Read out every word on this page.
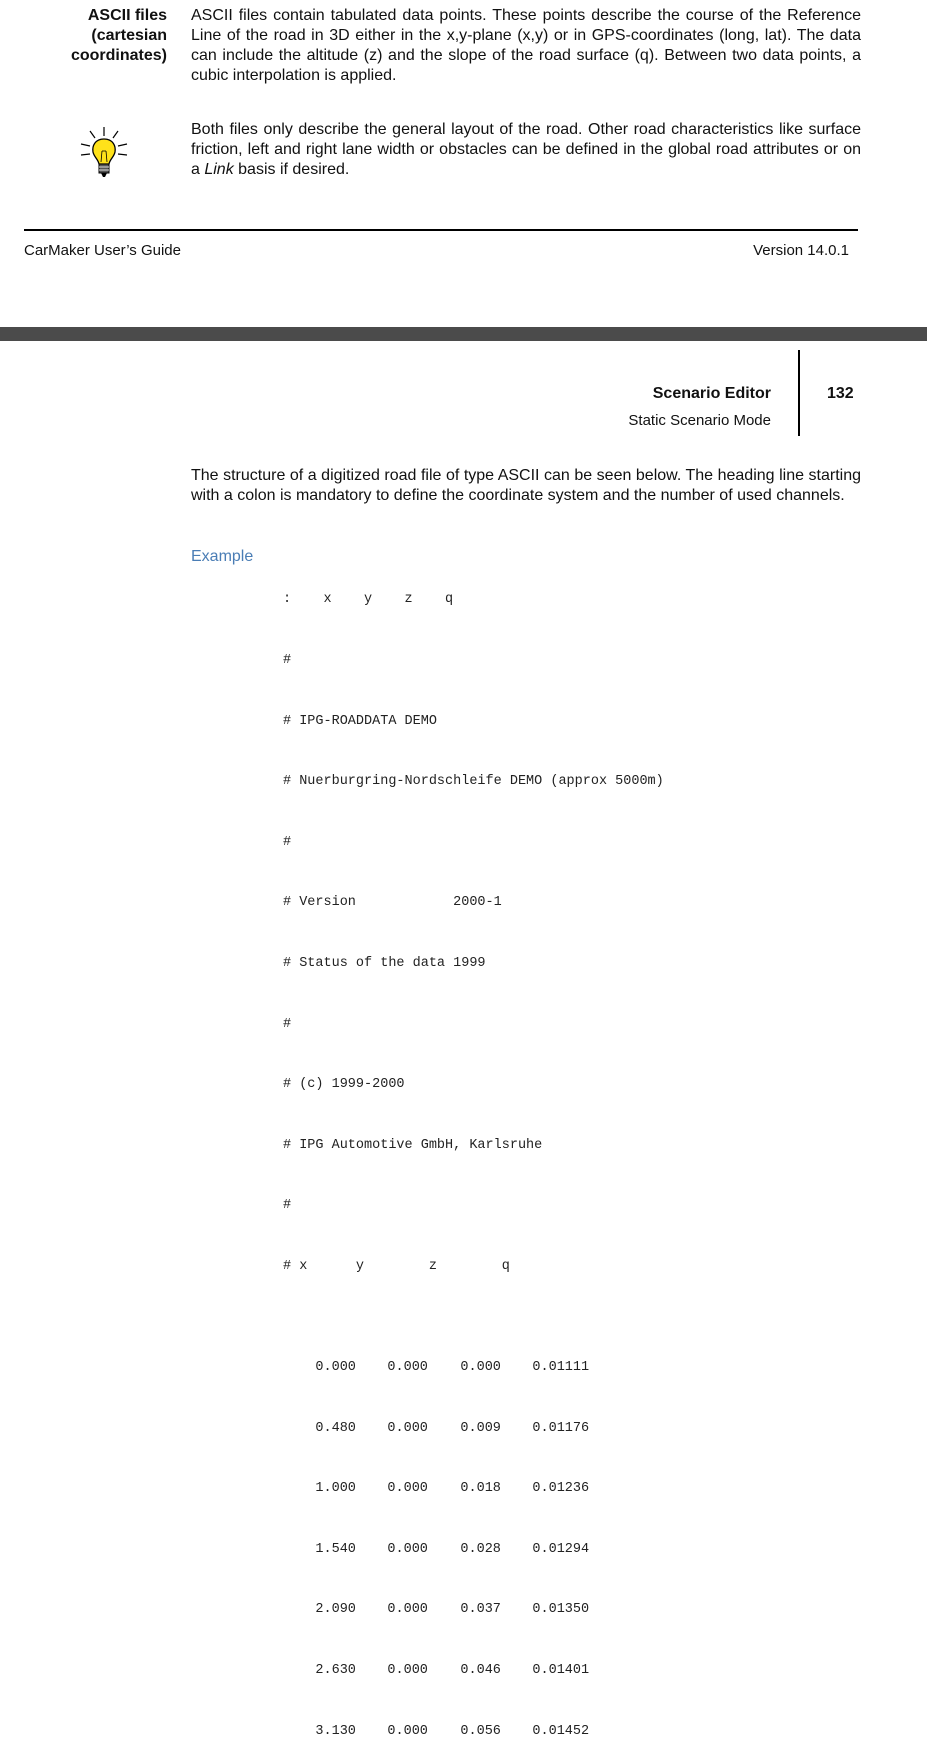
ASCII files
(cartesian
coordinates)
ASCII files contain tabulated data points. These points describe the course of the Reference Line of the road in 3D either in the x,y-plane (x,y) or in GPS-coordinates (long, lat). The data can include the altitude (z) and the slope of the road surface (q). Between two data points, a cubic interpolation is applied.
Both files only describe the general layout of the road. Other road characteristics like surface friction, left and right lane width or obstacles can be defined in the global road attributes or on a Link basis if desired.
CarMaker User’s Guide	Version 14.0.1
Scenario Editor
Static Scenario Mode
132
The structure of a digitized road file of type ASCII can be seen below. The heading line starting with a colon is mandatory to define the coordinate system and the number of used channels.
Example

:    x    y    z    q

#

# IPG-ROADDATA DEMO

# Nuerburgring-Nordschleife DEMO (approx 5000m)

#

# Version            2000-1

# Status of the data 1999

#

# (c) 1999-2000

# IPG Automotive GmbH, Karlsruhe

#

# x      y        z        q

0.000 0.000 0.000 0.01111

0.480 0.000 0.009 0.01176

1.000 0.000 0.018 0.01236

1.540 0.000 0.028 0.01294

2.090 0.000 0.037 0.01350

2.630 0.000 0.046 0.01401

3.130 0.000 0.056 0.01452
